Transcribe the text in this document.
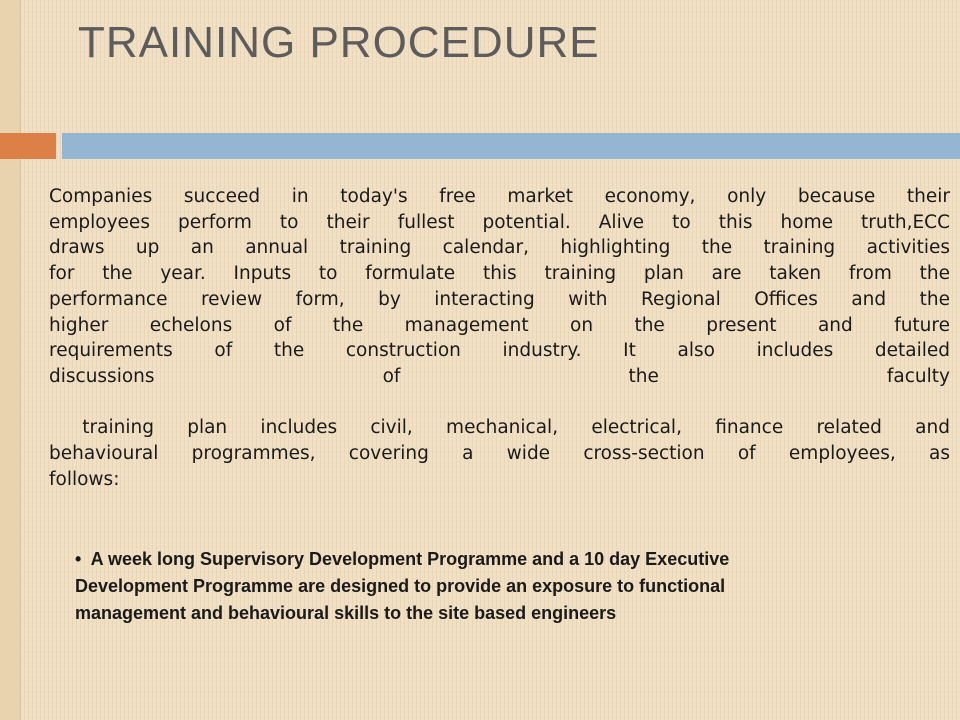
TRAINING PROCEDURE

Companies succeed in today's free market economy, only because their

employees perform to their fullest potential. Alive to this home truth,ECC

draws up an annual training calendar, highlighting the training activities

for the year. Inputs to formulate this training plan are taken from the

performance review form, by interacting with Regional Offices and the

higher echelons of the management on the present and future

requirements of the construction industry. It also includes detailed

discussions of the faculty

training plan includes civil, mechanical, electrical, finance related and

behavioural programmes, covering a wide cross-section of employees, as

follows:

• A week long Supervisory Development Programme and a 10 day Executive Development Programme are designed to provide an exposure to functional management and behavioural skills to the site based engineers
